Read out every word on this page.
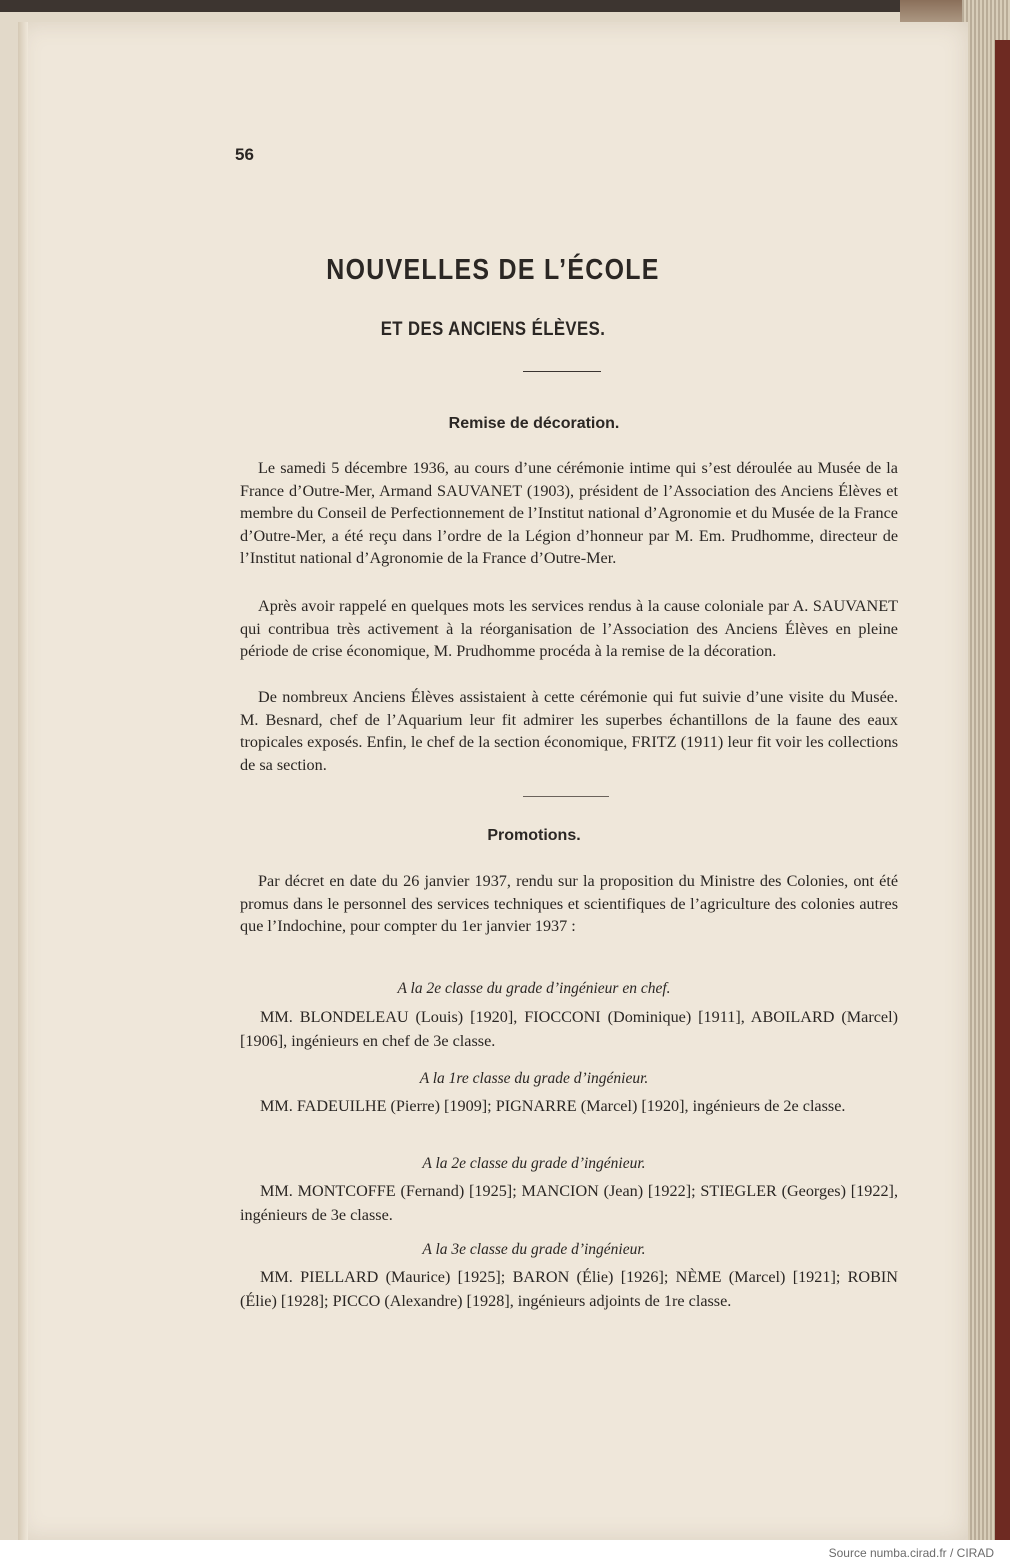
56
NOUVELLES DE L’ÉCOLE
ET DES ANCIENS ÉLÈVES.
Remise de décoration.

Le samedi 5 décembre 1936, au cours d’une cérémonie intime qui s’est déroulée au Musée de la France d’Outre-Mer, Armand SAUVANET (1903), président de l’Association des Anciens Élèves et membre du Conseil de Perfectionnement de l’Institut national d’Agronomie et du Musée de la France d’Outre-Mer, a été reçu dans l’ordre de la Légion d’honneur par M. Em. Prudhomme, directeur de l’Institut national d’Agronomie de la France d’Outre-Mer.

Après avoir rappelé en quelques mots les services rendus à la cause coloniale par A. SAUVANET qui contribua très activement à la réorganisation de l’Association des Anciens Élèves en pleine période de crise économique, M. Prudhomme procéda à la remise de la décoration.

De nombreux Anciens Élèves assistaient à cette cérémonie qui fut suivie d’une visite du Musée. M. Besnard, chef de l’Aquarium leur fit admirer les superbes échantillons de la faune des eaux tropicales exposés. Enfin, le chef de la section économique, FRITZ (1911) leur fit voir les collections de sa section.

Promotions.

Par décret en date du 26 janvier 1937, rendu sur la proposition du Ministre des Colonies, ont été promus dans le personnel des services techniques et scientifiques de l’agriculture des colonies autres que l’Indochine, pour compter du 1er janvier 1937 :

A la 2e classe du grade d’ingénieur en chef.

MM. BLONDELEAU (Louis) [1920], FIOCCONI (Dominique) [1911], ABOILARD (Marcel) [1906], ingénieurs en chef de 3e classe.

A la 1re classe du grade d’ingénieur.

MM. FADEUILHE (Pierre) [1909]; PIGNARRE (Marcel) [1920], ingénieurs de 2e classe.

A la 2e classe du grade d’ingénieur.

MM. MONTCOFFE (Fernand) [1925]; MANCION (Jean) [1922]; STIEGLER (Georges) [1922], ingénieurs de 3e classe.

A la 3e classe du grade d’ingénieur.

MM. PIELLARD (Maurice) [1925]; BARON (Élie) [1926]; NÈME (Marcel) [1921]; ROBIN (Élie) [1928]; PICCO (Alexandre) [1928], ingénieurs adjoints de 1re classe.

Source numba.cirad.fr / CIRAD
